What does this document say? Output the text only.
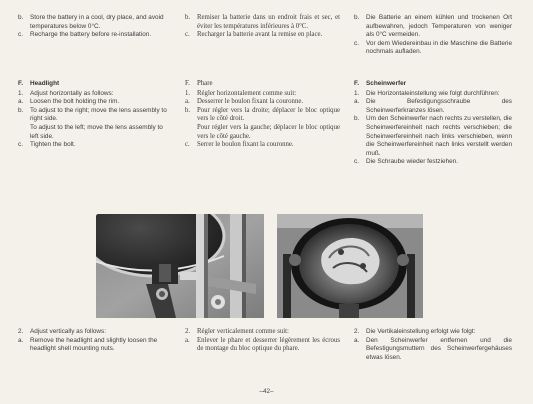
b.	Store the battery in a cool, dry place, and avoid temperatures below 0°C.
c.	Recharge the battery before re-installation.
b.	Remiser la batterie dans un endroit frais et sec, et éviter les températures inférieures à 0°C.
c.	Recharger la batterie avant la remise en place.
b.	Die Batterie an einem kühlen und trockenen Ort aufbewahren, jedoch Temperaturen von weniger als 0°C vermeiden.
c.	Vor dem Wiedereinbau in die Maschine die Batterie nochmals aufladen.
F.	Headlight
1.	Adjust horizontally as follows:
a.	Loosen the bolt holding the rim.
b.	To adjust to the right; move the lens assembly to right side.
To adjust to the left; move the lens assembly to left side.
c.	Tighten the bolt.
F.	Phare
1.	Régler horizontalement comme suit:
a.	Desserrer le boulon fixant la couronne.
b.	Pour régler vers la droite; déplacer le bloc optique vers le côté droit.
Pour régler vers la gauche; déplacer le bloc optique vers le côté gauche.
c.	Serrer le boulon fixant la couronne.
F.	Scheinwerfer
1.	Die Horizontaleinstellung wie folgt durchführen:
a.	Die Befestigungsschraube des Scheinwerferkranzes lösen.
b.	Um den Scheinwerfer nach rechts zu verstellen, die Scheinwerfereinheit nach rechts verschieben; die Scheinwerfereinheit nach links verschieben, wenn die Scheinwerfereinheit nach links verstellt werden muß.
c.	Die Schraube wieder festziehen.
2.	Adjust vertically as follows:
a.	Remove the headlight and slightly loosen the headlight shell mounting nuts.
2.	Régler verticalement comme suit:
a.	Enlever le phare et desserrer légèrement les écrous de montage du bloc optique du phare.
2.	Die Vertikaleinstellung erfolgt wie folgt:
a.	Den Scheinwerfer entfernen und die Befestigungsmuttern des Scheinwerfergehäuses etwas lösen.
–42–
